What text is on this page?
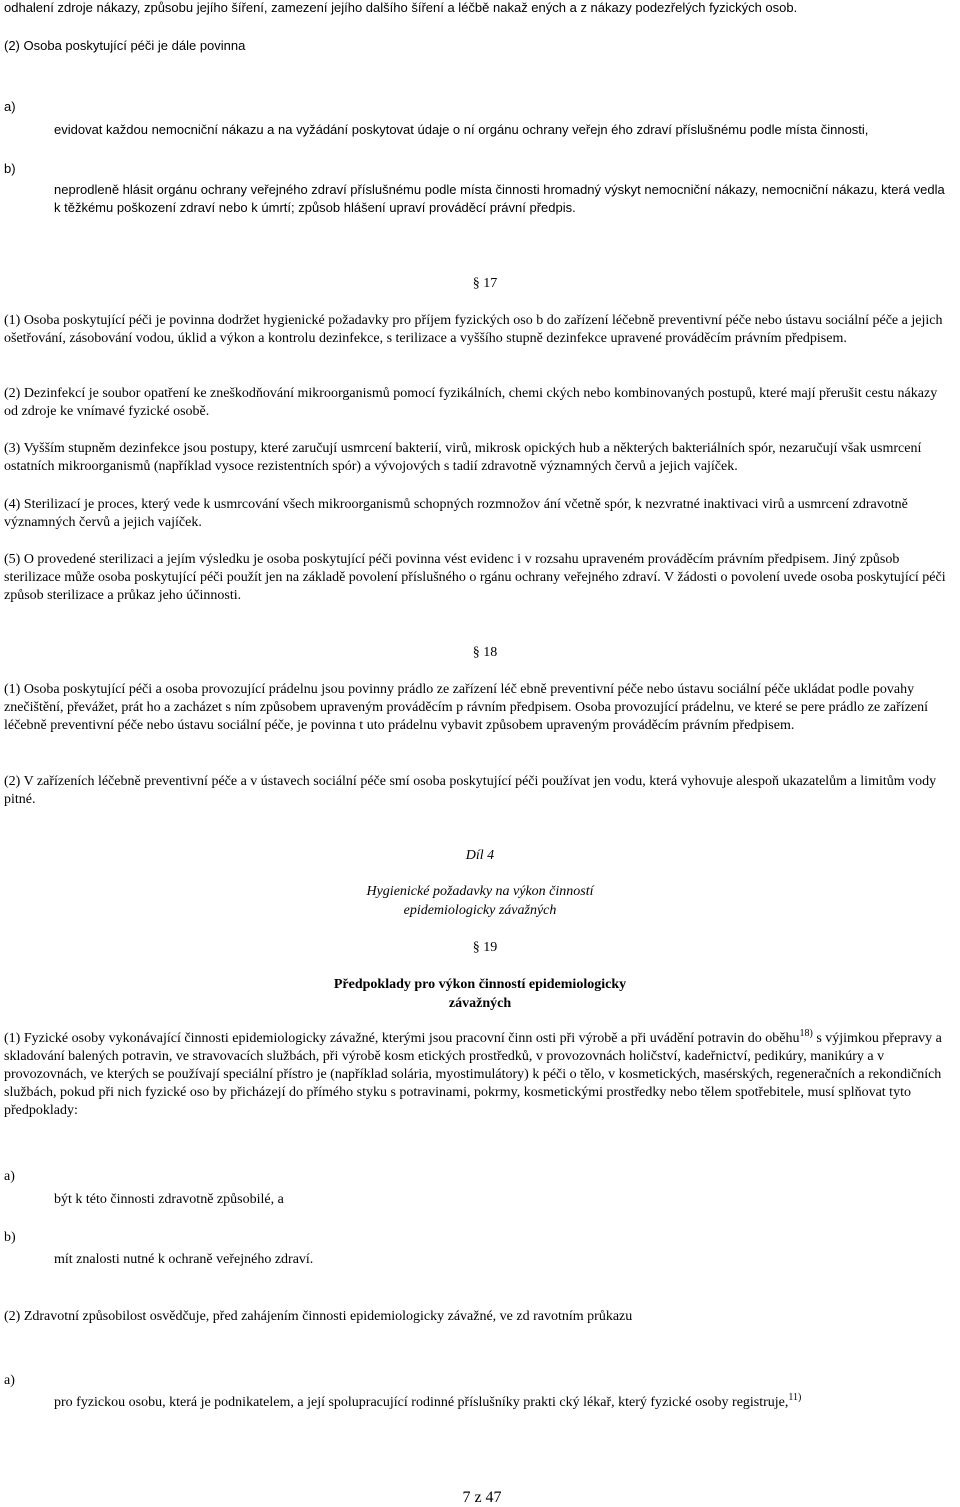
odhalení zdroje nákazy, způsobu jejího šíření, zamezení jejího dalšího šíření a léčbě nakaž ených a z nákazy podezřelých fyzických osob.

(2) Osoba poskytující péči je dále povinna

a)

evidovat každou nemocniční nákazu a na vyžádání poskytovat údaje o ní orgánu ochrany veřejn ého zdraví příslušnému podle místa činnosti,

b)

neprodleně hlásit orgánu ochrany veřejného zdraví příslušnému podle místa činnosti hromadný výskyt nemocniční nákazy, nemocniční nákazu, která vedla k těžkému poškození zdraví nebo k úmrtí; způsob hlášení upraví prováděcí právní předpis.

§ 17

(1) Osoba poskytující péči je povinna dodržet hygienické požadavky pro příjem fyzických oso b do zařízení léčebně preventivní péče nebo ústavu sociální péče a jejich ošetřování, zásobování vodou, úklid a výkon a kontrolu dezinfekce, s terilizace a vyššího stupně dezinfekce upravené prováděcím právním předpisem.

(2) Dezinfekcí je soubor opatření ke zneškodňování mikroorganismů pomocí fyzikálních, chemi ckých nebo kombinovaných postupů, které mají přerušit cestu nákazy od zdroje ke vnímavé fyzické osobě.

(3) Vyšším stupněm dezinfekce jsou postupy, které zaručují usmrcení bakterií, virů, mikrosk opických hub a některých bakteriálních spór, nezaručují však usmrcení ostatních mikroorganismů (například vysoce rezistentních spór) a vývojových s tadií zdravotně významných červů a jejich vajíček.

(4) Sterilizací je proces, který vede k usmrcování všech mikroorganismů schopných rozmnožov ání včetně spór, k nezvratné inaktivaci virů a usmrcení zdravotně významných červů a jejich vajíček.

(5) O provedené sterilizaci a jejím výsledku je osoba poskytující péči povinna vést evidenc i v rozsahu upraveném prováděcím právním předpisem. Jiný způsob sterilizace může osoba poskytující péči použít jen na základě povolení příslušného o rgánu ochrany veřejného zdraví. V žádosti o povolení uvede osoba poskytující péči způsob sterilizace a průkaz jeho účinnosti.

§ 18

(1) Osoba poskytující péči a osoba provozující prádelnu jsou povinny prádlo ze zařízení léč ebně preventivní péče nebo ústavu sociální péče ukládat podle povahy znečištění, převážet, prát ho a zacházet s ním způsobem upraveným prováděcím p rávním předpisem. Osoba provozující prádelnu, ve které se pere prádlo ze zařízení léčebně preventivní péče nebo ústavu sociální péče, je povinna t uto prádelnu vybavit způsobem upraveným prováděcím právním předpisem.

(2) V zařízeních léčebně preventivní péče a v ústavech sociální péče smí osoba poskytující péči používat jen vodu, která vyhovuje alespoň ukazatelům a limitům vody pitné.

Díl 4
Hygienické požadavky na výkon činností
epidemiologicky závažných
§ 19
Předpoklady pro výkon činností epidemiologicky
závažných

(1) Fyzické osoby vykonávající činnosti epidemiologicky závažné, kterými jsou pracovní činn osti při výrobě a při uvádění potravin do oběhu$^{18)}$ s výjimkou přepravy a skladování balených potravin, ve stravovacích službách, při výrobě kosm etických prostředků, v provozovnách holičství, kadeřnictví, pedikúry, manikúry a v provozovnách, ve kterých se používají speciální přístro je (například solária, myostimulátory) k péči o tělo, v kosmetických, masérských, regeneračních a rekondičních službách, pokud při nich fyzické oso by přicházejí do přímého styku s potravinami, pokrmy, kosmetickými prostředky nebo tělem spotřebitele, musí splňovat tyto předpoklady:

a)

být k této činnosti zdravotně způsobilé, a

b)

mít znalosti nutné k ochraně veřejného zdraví.

(2) Zdravotní způsobilost osvědčuje, před zahájením činnosti epidemiologicky závažné, ve zd ravotním průkazu

a)

pro fyzickou osobu, která je podnikatelem, a její spolupracující rodinné příslušníky prakti cký lékař, který fyzické osoby registruje,$^{11)}$

7 z 47
